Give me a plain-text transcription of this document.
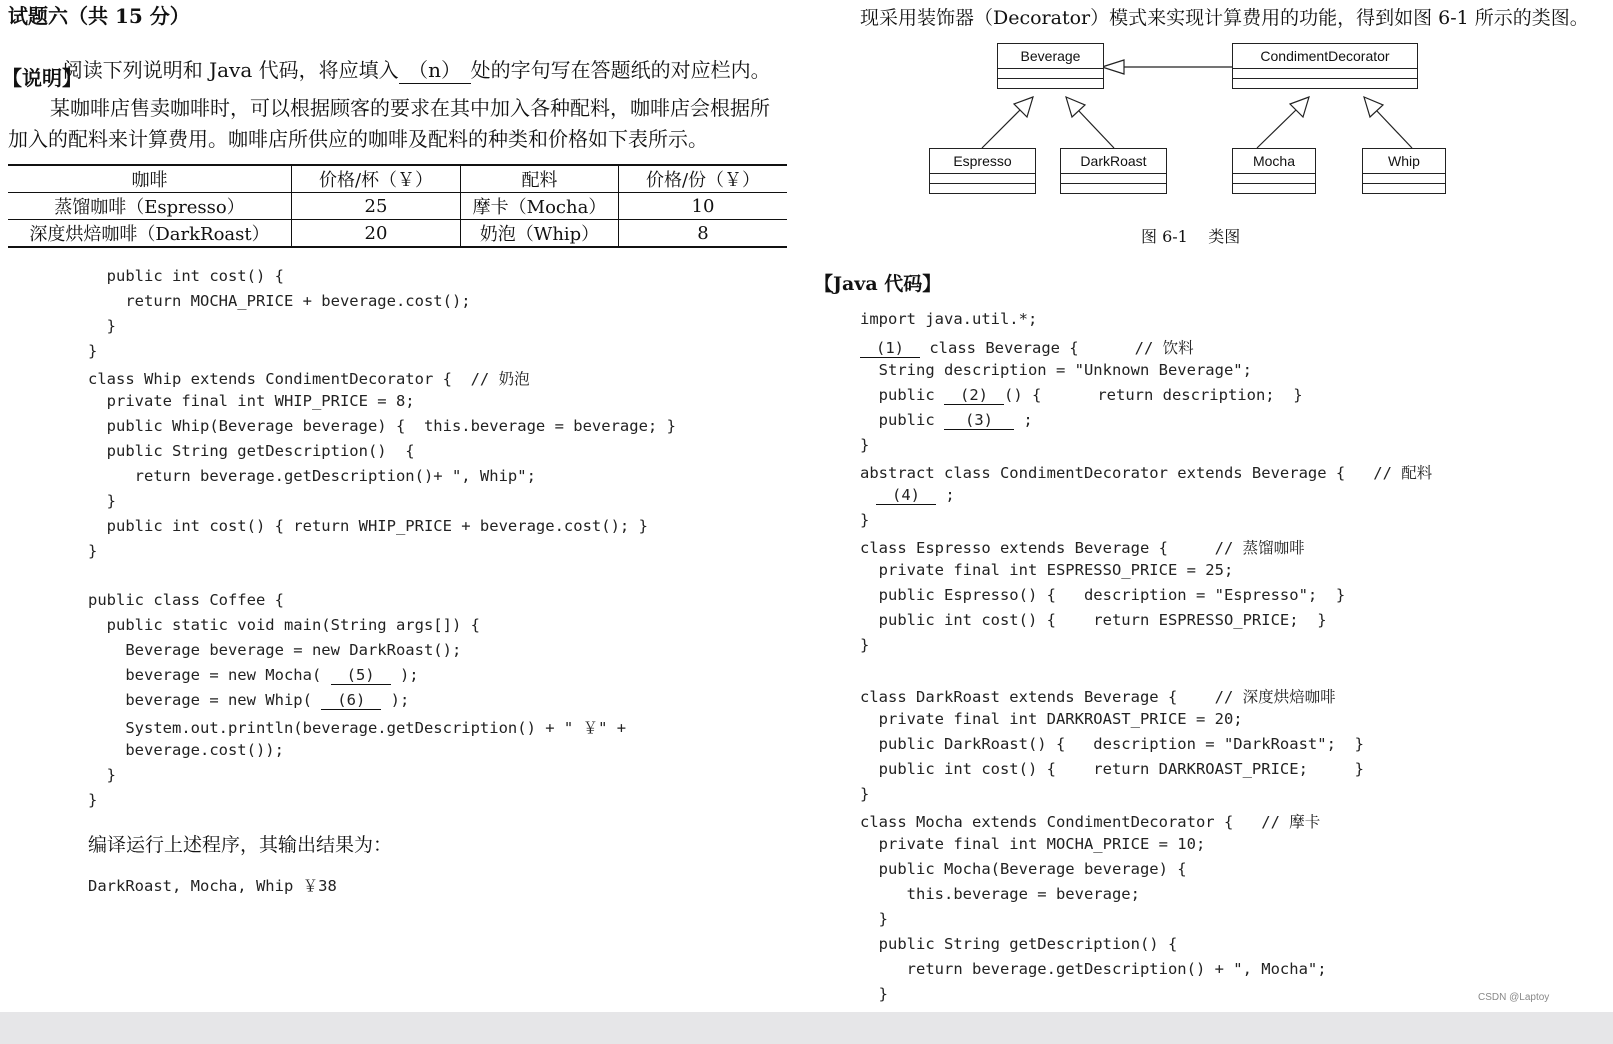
试题六（共 15 分）

阅读下列说明和 Java 代码，将应填入 （n） 处的字句写在答题纸的对应栏内。

【说明】
某咖啡店售卖咖啡时，可以根据顾客的要求在其中加入各种配料，咖啡店会根据所
加入的配料来计算费用。咖啡店所供应的咖啡及配料的种类和价格如下表所示。
咖啡	价格/杯（￥）	配料	价格/份（￥）
蒸馏咖啡（Espresso）	25	摩卡（Mocha）	10
深度烘焙咖啡（DarkRoast）	20	奶泡（Whip）	8
public int cost() {
return MOCHA_PRICE + beverage.cost();
}
}
class Whip extends CondimentDecorator {  // 奶泡
private final int WHIP_PRICE = 8;
public Whip(Beverage beverage) {  this.beverage = beverage; }
public String getDescription()  {
return beverage.getDescription()+ ", Whip";
}
public int cost() { return WHIP_PRICE + beverage.cost(); }
}
public class Coffee {
public static void main(String args[]) {
Beverage beverage = new DarkRoast();
beverage = new Mocha( (5) );
beverage = new Whip( (6) );
System.out.println(beverage.getDescription() + " ￥" +
beverage.cost());
}
}
编译运行上述程序，其输出结果为：
DarkRoast, Mocha, Whip ￥38
现采用装饰器（Decorator）模式来实现计算费用的功能，得到如图 6-1 所示的类图。
Beverage	CondimentDecorator
Espresso	DarkRoast	Mocha	Whip
图 6-1    类图
【Java 代码】
import java.util.*;
(1) class Beverage {      // 饮料
String description = "Unknown Beverage";
public (2) () {      return description;  }
public (3) ;
}
abstract class CondimentDecorator extends Beverage {   // 配料
(4) ;
}
class Espresso extends Beverage {     // 蒸馏咖啡
private final int ESPRESSO_PRICE = 25;
public Espresso() {   description = "Espresso";  }
public int cost() {    return ESPRESSO_PRICE;  }
}
class DarkRoast extends Beverage {    // 深度烘焙咖啡
private final int DARKROAST_PRICE = 20;
public DarkRoast() {   description = "DarkRoast";  }
public int cost() {    return DARKROAST_PRICE;     }
}
class Mocha extends CondimentDecorator {   // 摩卡
private final int MOCHA_PRICE = 10;
public Mocha(Beverage beverage) {
this.beverage = beverage;
}
public String getDescription() {
return beverage.getDescription() + ", Mocha";
}	CSDN @Laptoy
